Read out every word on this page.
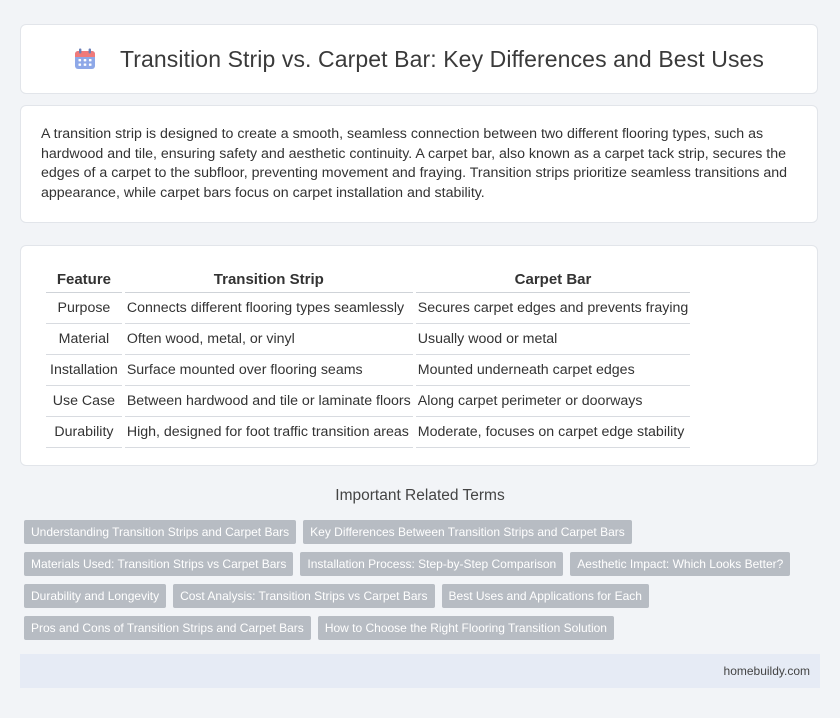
Transition Strip vs. Carpet Bar: Key Differences and Best Uses

A transition strip is designed to create a smooth, seamless connection between two different flooring types, such as hardwood and tile, ensuring safety and aesthetic continuity. A carpet bar, also known as a carpet tack strip, secures the edges of a carpet to the subfloor, preventing movement and fraying. Transition strips prioritize seamless transitions and appearance, while carpet bars focus on carpet installation and stability.

Feature	Transition Strip	Carpet Bar
Purpose	Connects different flooring types seamlessly	Secures carpet edges and prevents fraying
Material	Often wood, metal, or vinyl	Usually wood or metal
Installation	Surface mounted over flooring seams	Mounted underneath carpet edges
Use Case	Between hardwood and tile or laminate floors	Along carpet perimeter or doorways
Durability	High, designed for foot traffic transition areas	Moderate, focuses on carpet edge stability
Important Related Terms
Understanding Transition Strips and Carpet Bars	Key Differences Between Transition Strips and Carpet Bars
Materials Used: Transition Strips vs Carpet Bars	Installation Process: Step-by-Step Comparison	Aesthetic Impact: Which Looks Better?
Durability and Longevity	Cost Analysis: Transition Strips vs Carpet Bars	Best Uses and Applications for Each
Pros and Cons of Transition Strips and Carpet Bars	How to Choose the Right Flooring Transition Solution
homebuildy.com
